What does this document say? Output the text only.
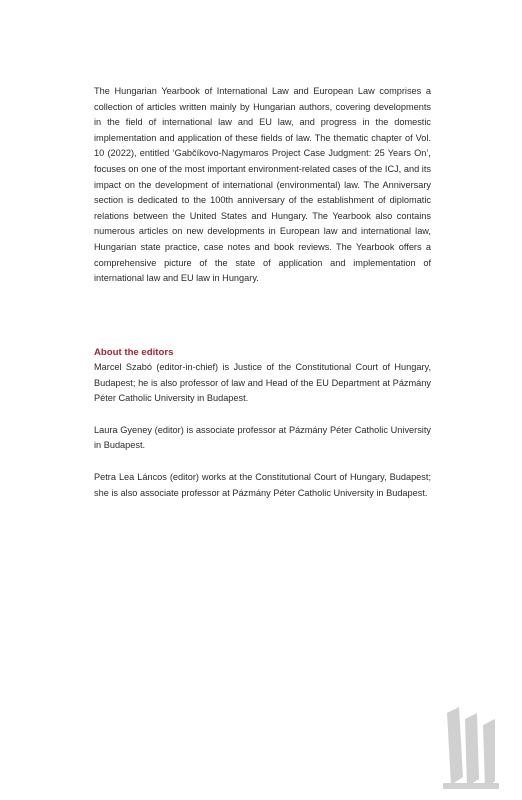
The Hungarian Yearbook of International Law and European Law comprises a collection of articles written mainly by Hungarian authors, covering developments in the field of international law and EU law, and progress in the domestic implementation and application of these fields of law. The thematic chapter of Vol. 10 (2022), entitled ‘Gabčíkovo-Nagymaros Project Case Judgment: 25 Years On’, focuses on one of the most important environment-related cases of the ICJ, and its impact on the development of international (environmental) law. The Anniversary section is dedicated to the 100th anniversary of the establishment of diplomatic relations between the United States and Hungary. The Yearbook also contains numerous articles on new developments in European law and international law, Hungarian state practice, case notes and book reviews. The Yearbook offers a comprehensive picture of the state of application and implementation of international law and EU law in Hungary.

About the editors

Marcel Szabó (editor-in-chief) is Justice of the Constitutional Court of Hungary, Budapest; he is also professor of law and Head of the EU Department at Pázmány Péter Catholic University in Budapest.

Laura Gyeney (editor) is associate professor at Pázmány Péter Catholic University in Budapest.

Petra Lea Láncos (editor) works at the Constitutional Court of Hungary, Budapest; she is also associate professor at Pázmány Péter Catholic University in Budapest.
